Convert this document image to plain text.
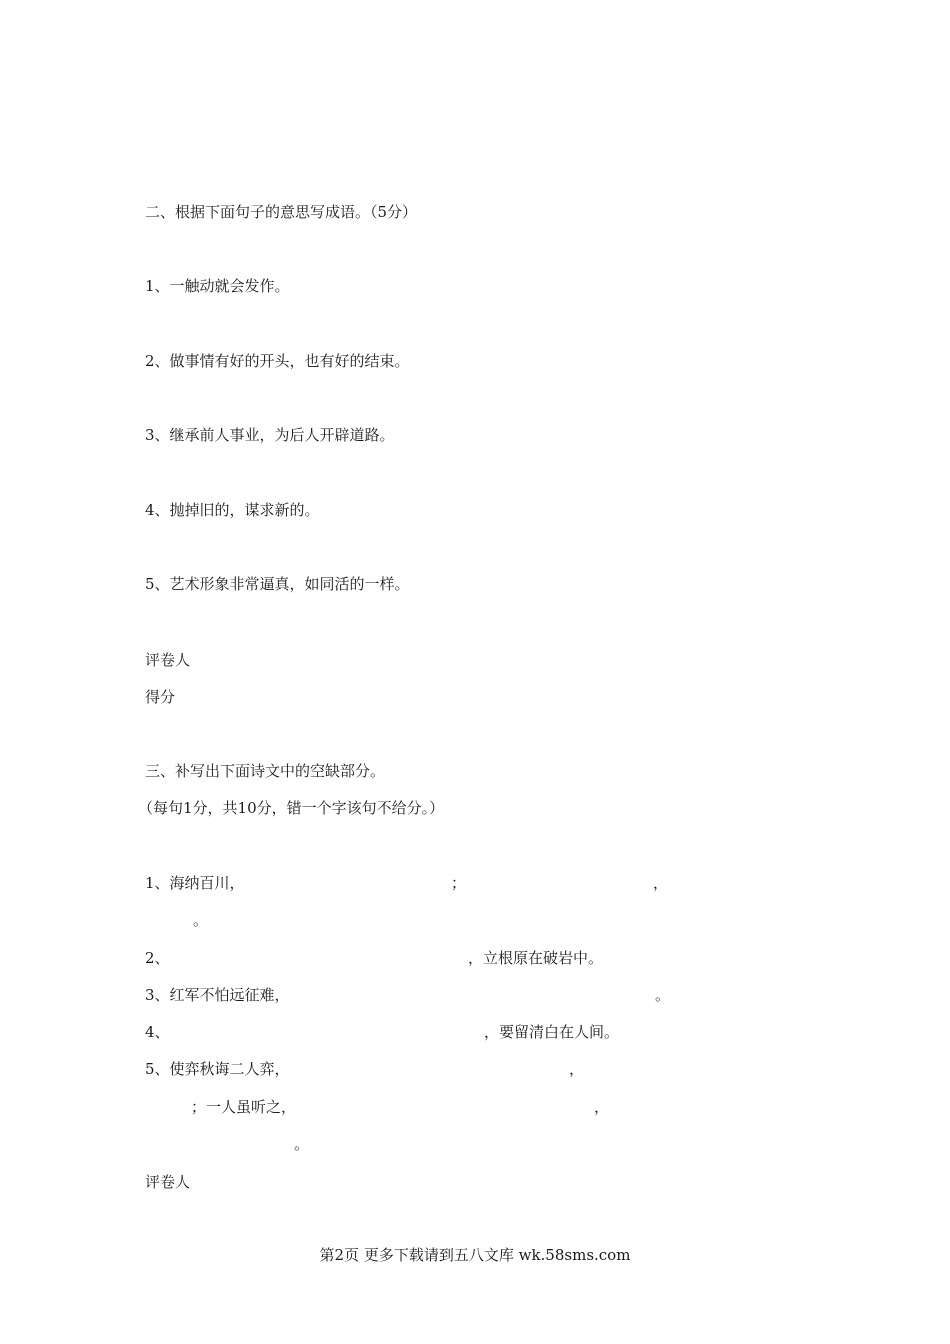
二、根据下面句子的意思写成语。（5分）
1、一触动就会发作。
2、做事情有好的开头，也有好的结束。
3、继承前人事业，为后人开辟道路。
4、抛掉旧的，谋求新的。
5、艺术形象非常逼真，如同活的一样。
评卷人
得分
三、补写出下面诗文中的空缺部分。
（每句1分，共10分，错一个字该句不给分。）
1、海纳百川，	；	，
。
2、	，立根原在破岩中。
3、红军不怕远征难，	。
4、	，要留清白在人间。
5、使弈秋诲二人弈，	，
；一人虽听之，	，
。
评卷人
第2页 更多下载请到五八文库 wk.58sms.com
